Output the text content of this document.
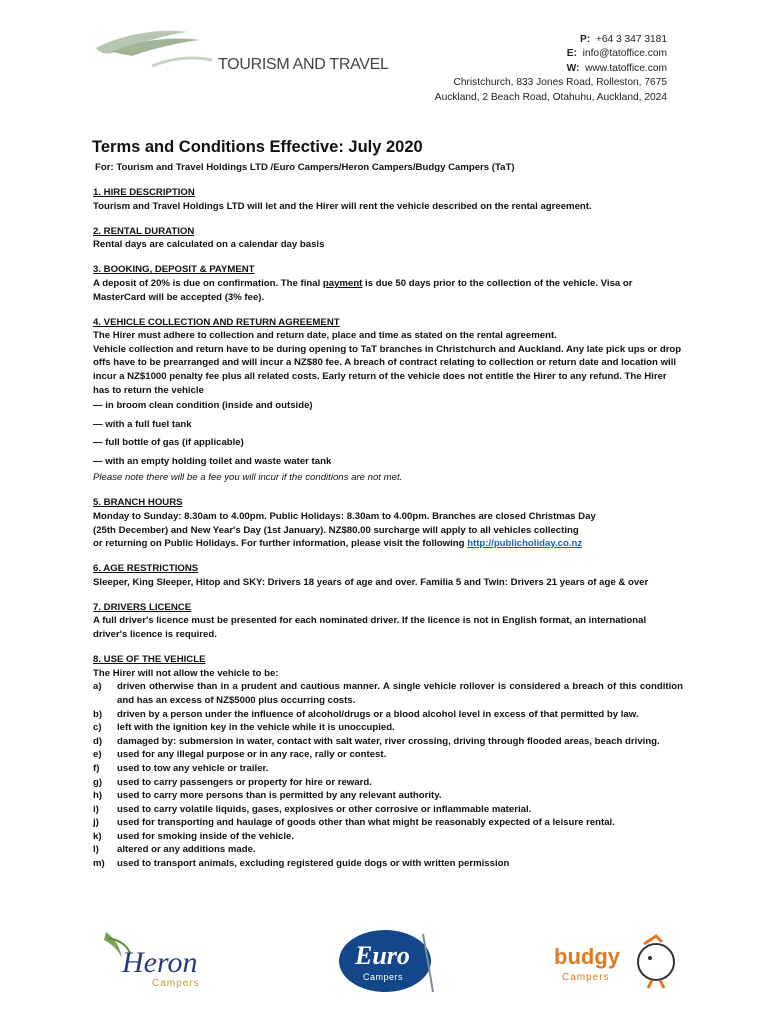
TOURISM AND TRAVEL
P: +64 3 347 3181
E: info@tatoffice.com
W: www.tatoffice.com
Christchurch, 833 Jones Road, Rolleston, 7675
Auckland, 2 Beach Road, Otahuhu, Auckland, 2024
Terms and Conditions Effective: July 2020
For: Tourism and Travel Holdings LTD /Euro Campers/Heron Campers/Budgy Campers (TaT)
1. HIRE DESCRIPTION

Tourism and Travel Holdings LTD will let and the Hirer will rent the vehicle described on the rental agreement.

2. RENTAL DURATION

Rental days are calculated on a calendar day basis

3. BOOKING, DEPOSIT & PAYMENT

A deposit of 20% is due on confirmation. The final payment is due 50 days prior to the collection of the vehicle. Visa or MasterCard will be accepted (3% fee).

4. VEHICLE COLLECTION AND RETURN AGREEMENT

The Hirer must adhere to collection and return date, place and time as stated on the rental agreement.

Vehicle collection and return have to be during opening to TaT branches in Christchurch and Auckland. Any late pick ups or drop offs have to be prearranged and will incur a NZ$80 fee. A breach of contract relating to collection or return date and location will incur a NZ$1000 penalty fee plus all related costs. Early return of the vehicle does not entitle the Hirer to any refund. The Hirer has to return the vehicle

— in broom clean condition (inside and outside)

— with a full fuel tank

— full bottle of gas (if applicable)

— with an empty holding toilet and waste water tank

Please note there will be a fee you will incur if the conditions are not met.

5. BRANCH HOURS

Monday to Sunday: 8.30am to 4.00pm. Public Holidays: 8.30am to 4.00pm. Branches are closed Christmas Day

(25th December) and New Year's Day (1st January). NZ$80.00 surcharge will apply to all vehicles collecting

or returning on Public Holidays. For further information, please visit the following http://publicholiday.co.nz

6. AGE RESTRICTIONS

Sleeper, King Sleeper, Hitop and SKY: Drivers 18 years of age and over. Familia 5 and Twin: Drivers 21 years of age & over

7. DRIVERS LICENCE

A full driver's licence must be presented for each nominated driver. If the licence is not in English format, an international driver's licence is required.

8. USE OF THE VEHICLE

The Hirer will not allow the vehicle to be:

a)	driven otherwise than in a prudent and cautious manner. A single vehicle rollover is considered a breach of this condition and has an excess of NZ$5000 plus occurring costs.
b)	driven by a person under the influence of alcohol/drugs or a blood alcohol level in excess of that permitted by law.
c)	left with the ignition key in the vehicle while it is unoccupied.
d)	damaged by: submersion in water, contact with salt water, river crossing, driving through flooded areas, beach driving.
e)	used for any illegal purpose or in any race, rally or contest.
f)	used to tow any vehicle or trailer.
g)	used to carry passengers or property for hire or reward.
h)	used to carry more persons than is permitted by any relevant authority.
i)	used to carry volatile liquids, gases, explosives or other corrosive or inflammable material.
j)	used for transporting and haulage of goods other than what might be reasonably expected of a leisure rental.
k)	used for smoking inside of the vehicle.
l)	altered or any additions made.
m)	used to transport animals, excluding registered guide dogs or with written permission
Heron
Campers
Euro
Campers
budgy
Campers
